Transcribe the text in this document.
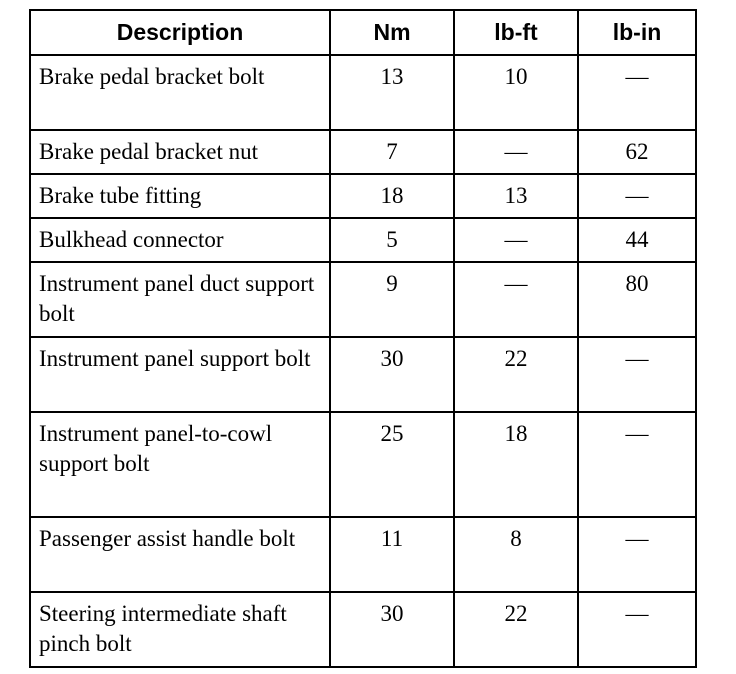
Description	Nm	lb-ft	lb-in
Brake pedal bracket bolt	13	10	—
Brake pedal bracket nut	7	—	62
Brake tube fitting	18	13	—
Bulkhead connector	5	—	44
Instrument panel duct support bolt	9	—	80
Instrument panel support bolt	30	22	—
Instrument panel-to-cowl support bolt	25	18	—
Passenger assist handle bolt	11	8	—
Steering intermediate shaft pinch bolt	30	22	—
